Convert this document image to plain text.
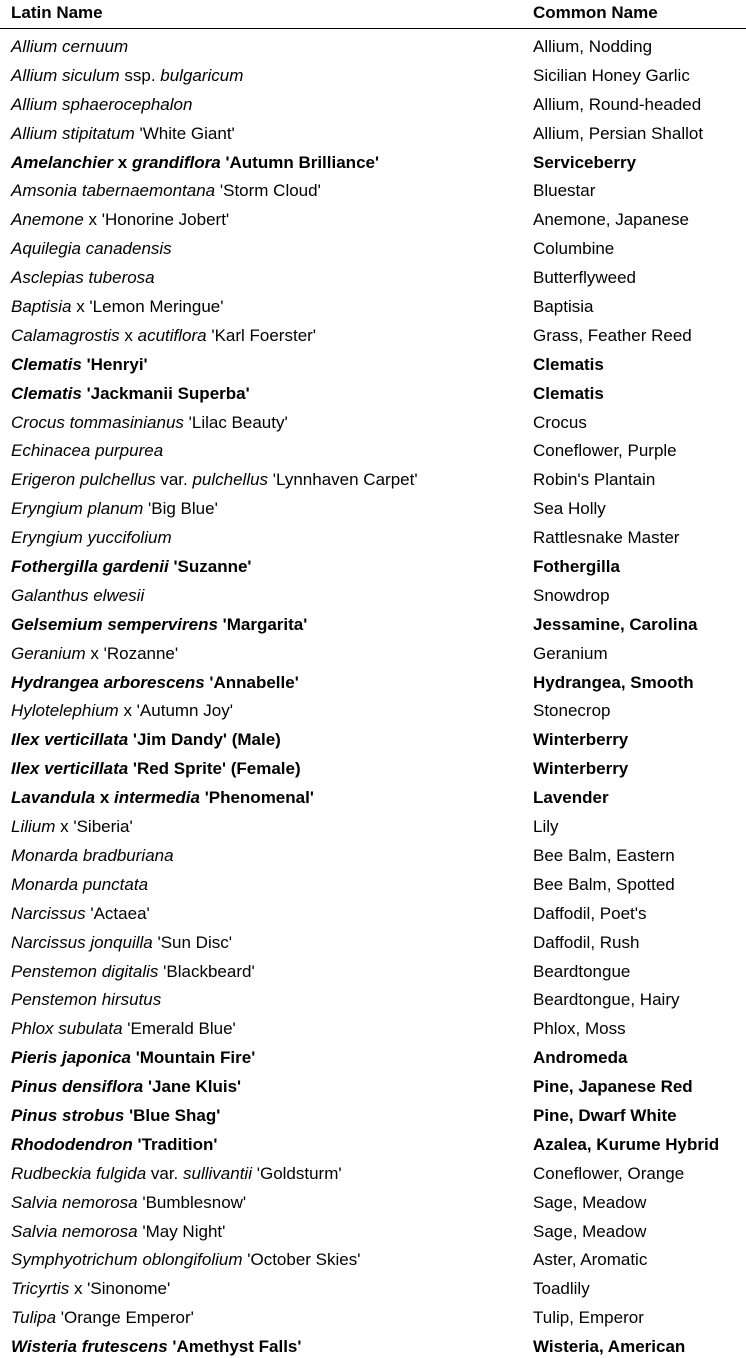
Latin Name	Common Name
Allium cernuum	Allium, Nodding
Allium siculum ssp. bulgaricum	Sicilian Honey Garlic
Allium sphaerocephalon	Allium, Round-headed
Allium stipitatum 'White Giant'	Allium, Persian Shallot
Amelanchier x grandiflora 'Autumn Brilliance'	Serviceberry
Amsonia tabernaemontana 'Storm Cloud'	Bluestar
Anemone x 'Honorine Jobert'	Anemone, Japanese
Aquilegia canadensis	Columbine
Asclepias tuberosa	Butterflyweed
Baptisia x 'Lemon Meringue'	Baptisia
Calamagrostis x acutiflora 'Karl Foerster'	Grass, Feather Reed
Clematis 'Henryi'	Clematis
Clematis 'Jackmanii Superba'	Clematis
Crocus tommasinianus 'Lilac Beauty'	Crocus
Echinacea purpurea	Coneflower, Purple
Erigeron pulchellus var. pulchellus 'Lynnhaven Carpet'	Robin's Plantain
Eryngium planum 'Big Blue'	Sea Holly
Eryngium yuccifolium	Rattlesnake Master
Fothergilla gardenii 'Suzanne'	Fothergilla
Galanthus elwesii	Snowdrop
Gelsemium sempervirens 'Margarita'	Jessamine, Carolina
Geranium x 'Rozanne'	Geranium
Hydrangea arborescens 'Annabelle'	Hydrangea, Smooth
Hylotelephium x 'Autumn Joy'	Stonecrop
Ilex verticillata 'Jim Dandy' (Male)	Winterberry
Ilex verticillata 'Red Sprite' (Female)	Winterberry
Lavandula x intermedia 'Phenomenal'	Lavender
Lilium x 'Siberia'	Lily
Monarda bradburiana	Bee Balm, Eastern
Monarda punctata	Bee Balm, Spotted
Narcissus 'Actaea'	Daffodil, Poet's
Narcissus jonquilla 'Sun Disc'	Daffodil, Rush
Penstemon digitalis 'Blackbeard'	Beardtongue
Penstemon hirsutus	Beardtongue, Hairy
Phlox subulata 'Emerald Blue'	Phlox, Moss
Pieris japonica 'Mountain Fire'	Andromeda
Pinus densiflora 'Jane Kluis'	Pine, Japanese Red
Pinus strobus 'Blue Shag'	Pine, Dwarf White
Rhododendron 'Tradition'	Azalea, Kurume Hybrid
Rudbeckia fulgida var. sullivantii 'Goldsturm'	Coneflower, Orange
Salvia nemorosa 'Bumblesnow'	Sage, Meadow
Salvia nemorosa 'May Night'	Sage, Meadow
Symphyotrichum oblongifolium 'October Skies'	Aster, Aromatic
Tricyrtis x 'Sinonome'	Toadlily
Tulipa 'Orange Emperor'	Tulip, Emperor
Wisteria frutescens 'Amethyst Falls'	Wisteria, American
